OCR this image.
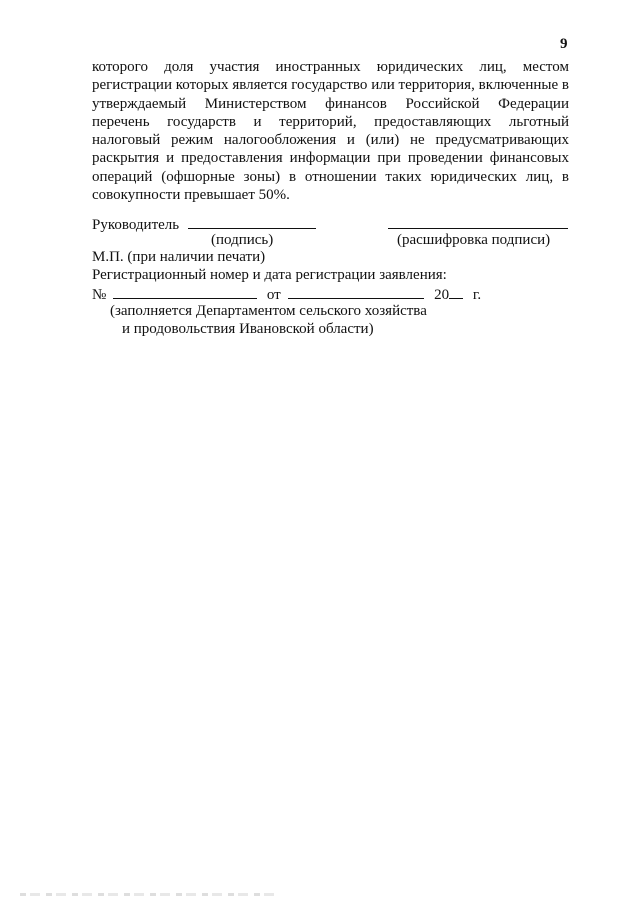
9
которого доля участия иностранных юридических лиц, местом регистрации которых является государство или территория, включенные в утверждаемый Министерством финансов Российской Федерации перечень государств и территорий, предоставляющих льготный налоговый режим налогообложения и (или) не предусматривающих раскрытия и предоставления информации при проведении финансовых операций (офшорные зоны) в отношении таких юридических лиц, в совокупности превышает 50%.
Руководитель
(подпись)	(расшифровка подписи)
М.П. (при наличии печати)
Регистрационный номер и дата регистрации заявления:
№	от	20 г.
(заполняется Департаментом сельского хозяйства
и продовольствия Ивановской области)
